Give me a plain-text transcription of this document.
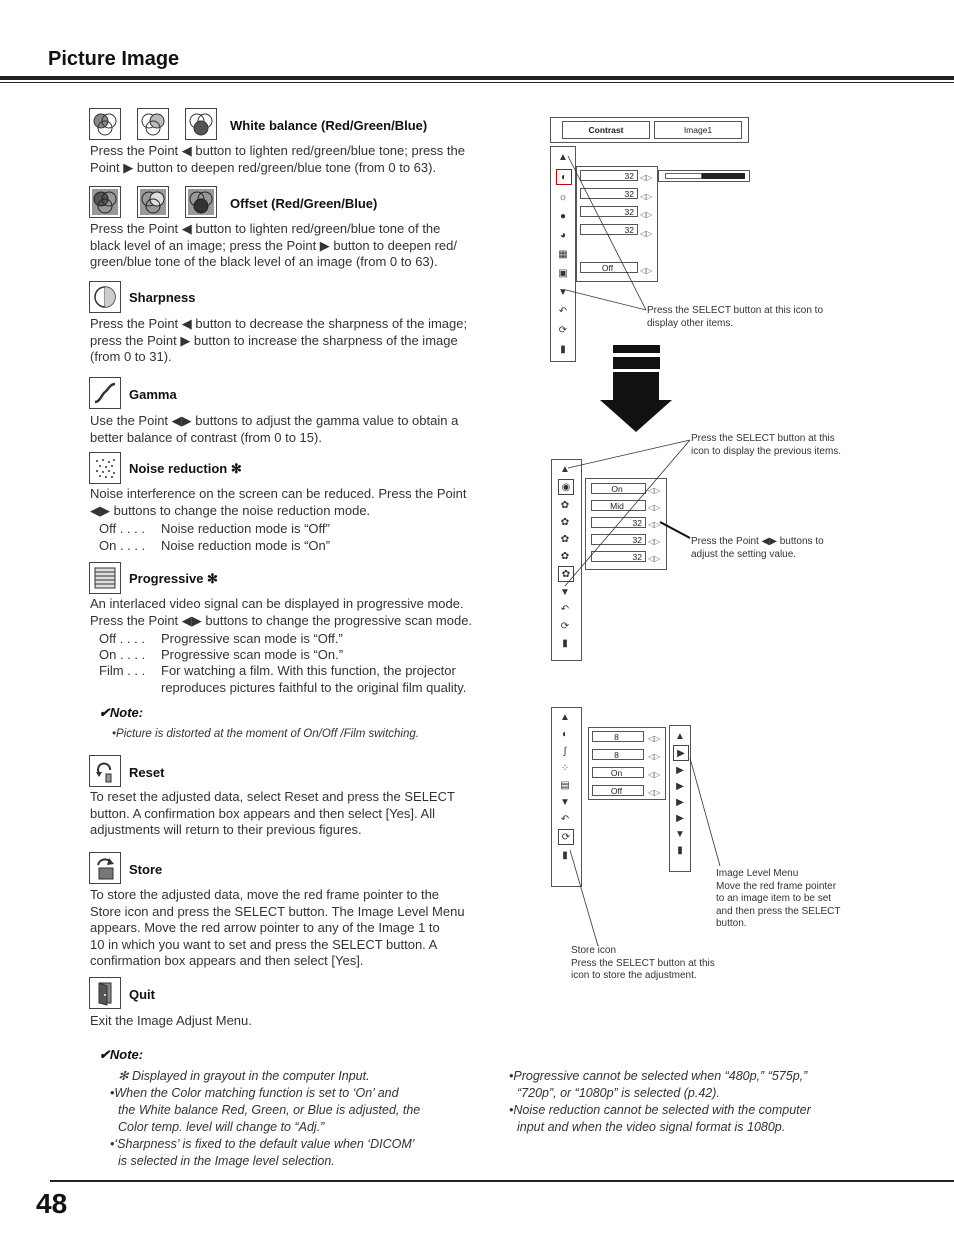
Picture Image
White balance (Red/Green/Blue)
Press the Point ◀ button to lighten red/green/blue tone; press the
Point ▶ button to deepen red/green/blue tone (from 0 to 63).
Offset (Red/Green/Blue)
Press the Point ◀ button to lighten red/green/blue tone of the
black level of an image; press the Point ▶ button to deepen red/
green/blue tone of the black level of an image (from 0 to 63).
Sharpness
Press the Point ◀ button to decrease the sharpness of the image;
press the Point ▶ button to increase the sharpness of the image
(from 0 to 31).
Gamma
Use the Point ◀▶ buttons to adjust the gamma value to obtain a
better balance of contrast (from 0 to 15).
Noise reduction ✻
Noise interference on the screen can be reduced. Press the Point
◀▶ buttons to change the noise reduction mode.
Off . . . . Noise reduction mode is “Off”
On . . . . Noise reduction mode is “On”
Progressive ✻
An interlaced video signal can be displayed in progressive mode.
Press the Point ◀▶ buttons to change the progressive scan mode.
Off . . . . Progressive scan mode is “Off.”
On . . . . Progressive scan mode is “On.”
Film . . . For watching a film. With this function, the projector
reproduces pictures faithful to the original film quality.
✔Note:
•Picture is distorted at the moment of On/Off /Film switching.
Reset
To reset the adjusted data, select Reset and press the SELECT
button. A confirmation box appears and then select [Yes]. All
adjustments will return to their previous figures.
Store
To store the adjusted data, move the red frame pointer to the
Store icon and press the SELECT button. The Image Level Menu
appears. Move the red arrow pointer to any of the Image 1 to
10 in which you want to set and press the SELECT button. A
confirmation box appears and then select [Yes].
Quit
Exit the Image Adjust Menu.
✔Note:
✻ Displayed in grayout in the computer Input.
•When the Color matching function is set to ‘On’ and
the White balance Red, Green, or Blue is adjusted, the
Color temp. level will change to “Adj.”
•‘Sharpness’ is fixed to the default value when ‘DICOM’
is selected in the Image level selection.
•Progressive cannot be selected when “480p,” “575p,”
“720p”, or “1080p” is selected (p.42).
•Noise reduction cannot be selected with the computer
input and when the video signal format is 1080p.
48
Contrast	Image1
▲
◐
☼
●
◕
▦
▣
▼
↶
⟳
▮
32
32
32
32
Off
◁▷
◁▷
◁▷
◁▷

◁▷
Press the SELECT button at this icon to
display other items.
▲
◉
✿
✿
✿
✿
✿
▼
↶
⟳
▮
On
Mid
32
32
32
◁▷
◁▷
◁▷
◁▷
◁▷
Press the SELECT button at this
icon to display the previous items.
Press the Point ◀▶ buttons to
adjust the setting value.
▲
◐
∫
⁘
▤
▼
↶
⟳
▮
8
8
On
Off
◁▷
◁▷
◁▷
◁▷
▲
▶
▶
▶
▶
▶
▼
▮
Image Level Menu
Move the red frame pointer
to an image item to be set
and then press the SELECT
button.
Store icon
Press the SELECT button at this
icon to store the adjustment.
